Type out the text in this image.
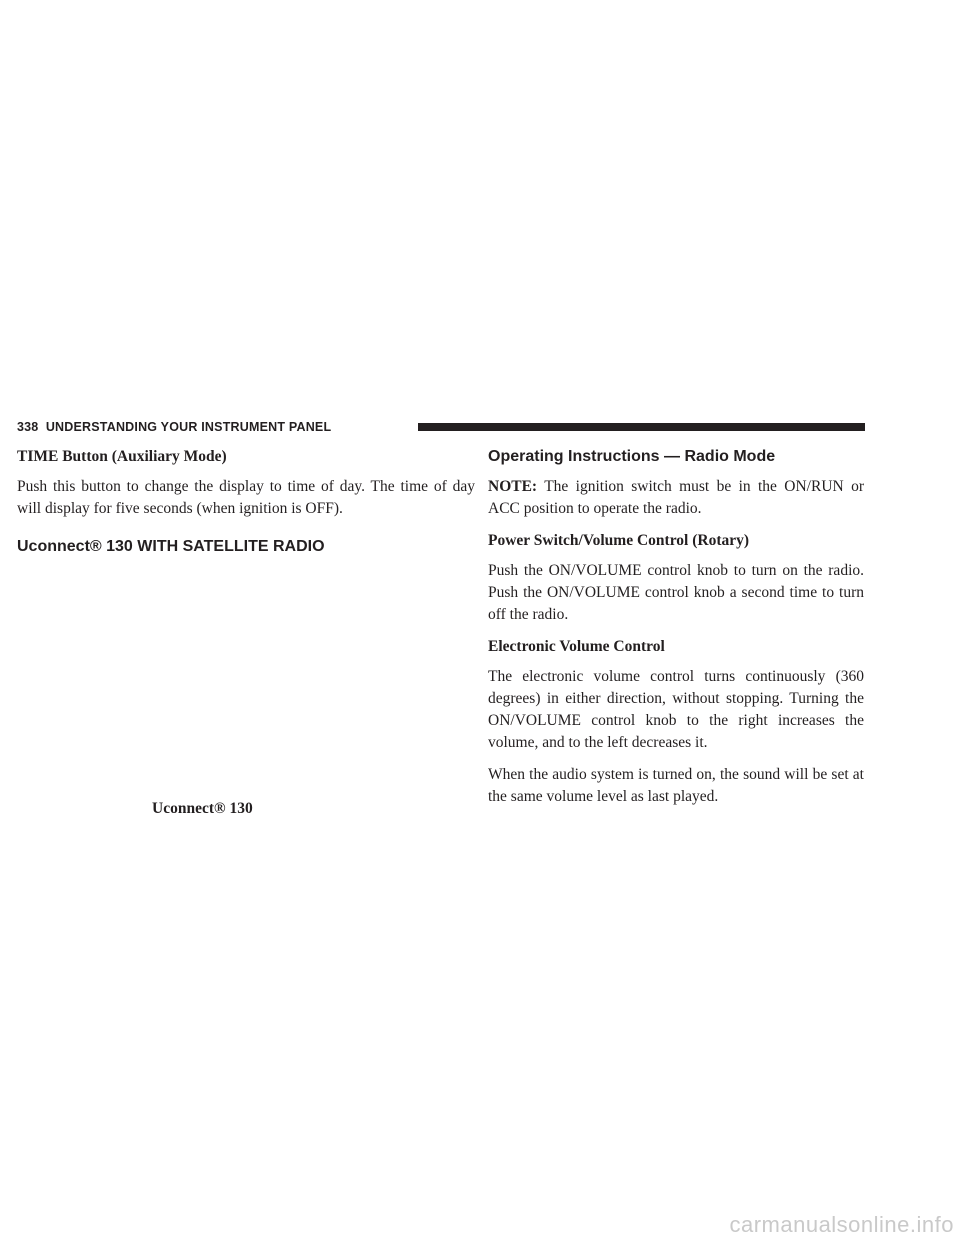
338 UNDERSTANDING YOUR INSTRUMENT PANEL
TIME Button (Auxiliary Mode)
Push this button to change the display to time of day. The time of day will display for five seconds (when ignition is OFF).
Uconnect® 130 WITH SATELLITE RADIO
Uconnect® 130
Operating Instructions — Radio Mode
NOTE: The ignition switch must be in the ON/RUN or ACC position to operate the radio.
Power Switch/Volume Control (Rotary)
Push the ON/VOLUME control knob to turn on the radio. Push the ON/VOLUME control knob a second time to turn off the radio.
Electronic Volume Control
The electronic volume control turns continuously (360 degrees) in either direction, without stopping. Turning the ON/VOLUME control knob to the right increases the volume, and to the left decreases it.
When the audio system is turned on, the sound will be set at the same volume level as last played.
carmanualsonline.info
